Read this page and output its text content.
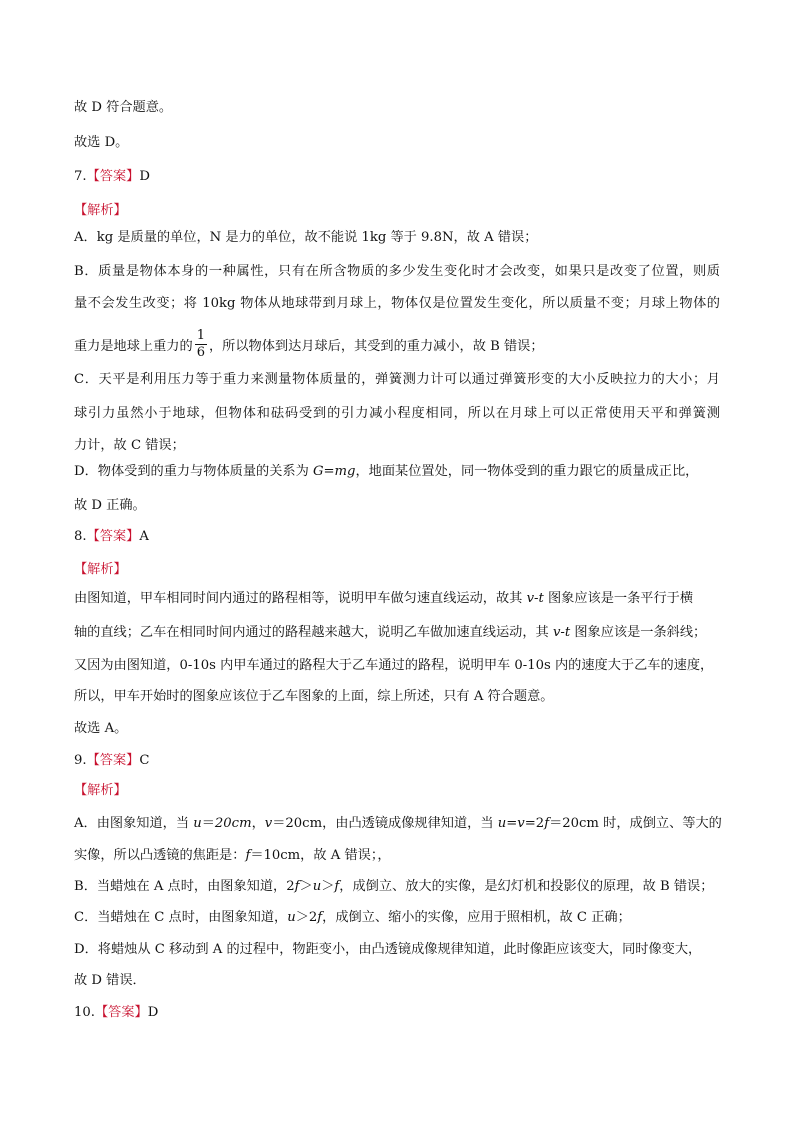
故 D 符合题意。
故选 D。
7.【答案】D
【解析】
A．kg 是质量的单位，N 是力的单位，故不能说 1kg 等于 9.8N，故 A 错误；
B．质量是物体本身的一种属性，只有在所含物质的多少发生变化时才会改变，如果只是改变了位置，则质
量不会发生改变；将 10kg 物体从地球带到月球上，物体仅是位置发生变化，所以质量不变；月球上物体的
重力是地球上重力的 $\frac{1}{6}$ ，所以物体到达月球后，其受到的重力减小，故 B 错误；
C．天平是利用压力等于重力来测量物体质量的，弹簧测力计可以通过弹簧形变的大小反映拉力的大小；月
球引力虽然小于地球，但物体和砝码受到的引力减小程度相同，所以在月球上可以正常使用天平和弹簧测
力计，故 C 错误；
D．物体受到的重力与物体质量的关系为 G=mg，地面某位置处，同一物体受到的重力跟它的质量成正比，
故 D 正确。
8.【答案】A
【解析】
由图知道，甲车相同时间内通过的路程相等，说明甲车做匀速直线运动，故其 v-t 图象应该是一条平行于横
轴的直线；乙车在相同时间内通过的路程越来越大，说明乙车做加速直线运动，其 v-t 图象应该是一条斜线；
又因为由图知道，0-10s 内甲车通过的路程大于乙车通过的路程，说明甲车 0-10s 内的速度大于乙车的速度，
所以，甲车开始时的图象应该位于乙车图象的上面，综上所述，只有 A 符合题意。
故选 A。
9.【答案】C
【解析】
A．由图象知道，当 u＝20cm，v＝20cm，由凸透镜成像规律知道，当 u=v=2f＝20cm 时，成倒立、等大的
实像，所以凸透镜的焦距是：f＝10cm，故 A 错误；，
B．当蜡烛在 A 点时，由图象知道，2f＞u＞f，成倒立、放大的实像，是幻灯机和投影仪的原理，故 B 错误；
C．当蜡烛在 C 点时，由图象知道，u＞2f，成倒立、缩小的实像，应用于照相机，故 C 正确；
D．将蜡烛从 C 移动到 A 的过程中，物距变小，由凸透镜成像规律知道，此时像距应该变大，同时像变大，
故 D 错误．
10.【答案】D
